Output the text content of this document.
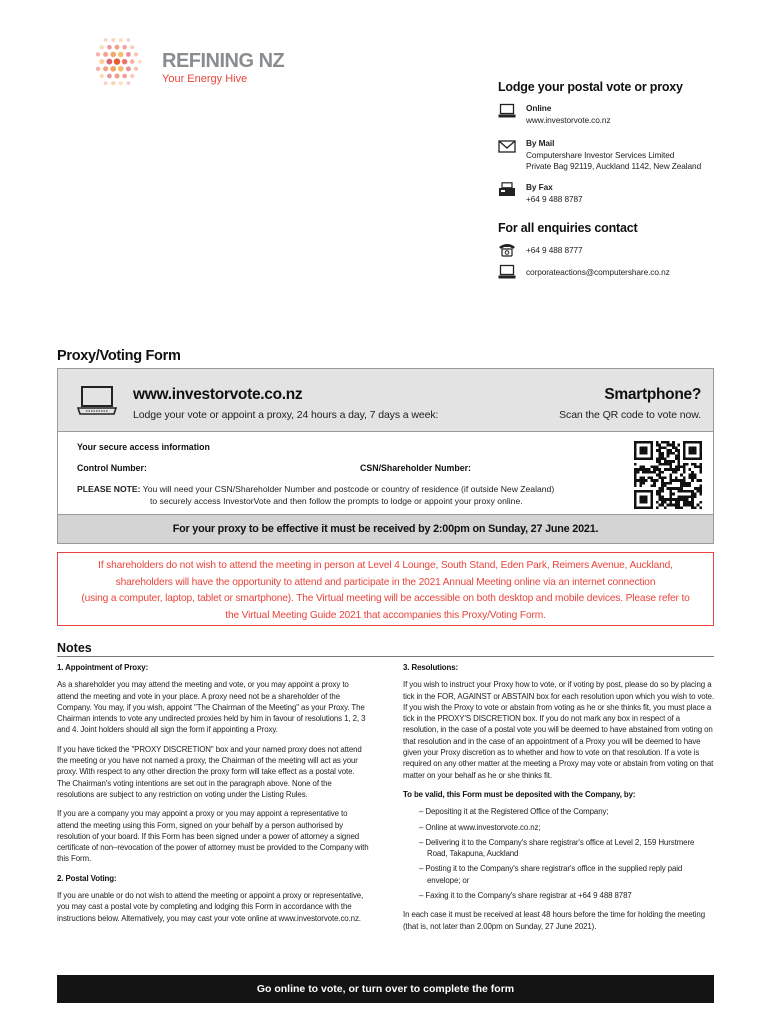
REFINING NZ
Your Energy Hive
Lodge your postal vote or proxy
Online
www.investorvote.co.nz
By Mail
Computershare Investor Services Limited
Private Bag 92119, Auckland 1142, New Zealand
By Fax
+64 9 488 8787
For all enquiries contact
+64 9 488 8777
corporateactions@computershare.co.nz
Proxy/Voting Form
www.investorvote.co.nz
Lodge your vote or appoint a proxy, 24 hours a day, 7 days a week:
Smartphone?
Scan the QR code to vote now.
Your secure access information
Control Number:	CSN/Shareholder Number:
PLEASE NOTE: You will need your CSN/Shareholder Number and postcode or country of residence (if outside New Zealand)
to securely access InvestorVote and then follow the prompts to lodge or appoint your proxy online.
For your proxy to be effective it must be received by 2:00pm on Sunday, 27 June 2021.
If shareholders do not wish to attend the meeting in person at Level 4 Lounge, South Stand, Eden Park, Reimers Avenue, Auckland,
shareholders will have the opportunity to attend and participate in the 2021 Annual Meeting online via an internet connection
(using a computer, laptop, tablet or smartphone). The Virtual meeting will be accessible on both desktop and mobile devices. Please refer to
the Virtual Meeting Guide 2021 that accompanies this Proxy/Voting Form.
Notes
1. Appointment of Proxy:

As a shareholder you may attend the meeting and vote, or you may appoint a proxy to attend the meeting and vote in your place. A proxy need not be a shareholder of the Company. You may, if you wish, appoint "The Chairman of the Meeting" as your Proxy. The Chairman intends to vote any undirected proxies held by him in favour of resolutions 1, 2, 3 and 4. Joint holders should all sign the form if appointing a Proxy.

If you have ticked the "PROXY DISCRETION" box and your named proxy does not attend the meeting or you have not named a proxy, the Chairman of the meeting will act as your proxy. With respect to any other direction the proxy form will take effect as a postal vote. The Chairman's voting intentions are set out in the paragraph above. None of the resolutions are subject to any restriction on voting under the Listing Rules.

If you are a company you may appoint a proxy or you may appoint a representative to attend the meeting using this Form, signed on your behalf by a person authorised by resolution of your board. If this Form has been signed under a power of attorney a signed certificate of non–revocation of the power of attorney must be provided to the Company with this Form.

2. Postal Voting:

If you are unable or do not wish to attend the meeting or appoint a proxy or representative, you may cast a postal vote by completing and lodging this Form in accordance with the instructions below. Alternatively, you may cast your vote online at www.investorvote.co.nz.

3. Resolutions:

If you wish to instruct your Proxy how to vote, or if voting by post, please do so by placing a tick in the FOR, AGAINST or ABSTAIN box for each resolution upon which you wish to vote. If you wish the Proxy to vote or abstain from voting as he or she thinks fit, you must place a tick in the PROXY'S DISCRETION box. If you do not mark any box in respect of a resolution, in the case of a postal vote you will be deemed to have abstained from voting on that resolution and in the case of an appointment of a Proxy you will be deemed to have given your Proxy discretion as to whether and how to vote on that resolution. If a vote is required on any other matter at the meeting a Proxy may vote or abstain from voting on that matter on your behalf as he or she thinks fit.

To be valid, this Form must be deposited with the Company, by:
– Depositing it at the Registered Office of the Company;
– Online at www.investorvote.co.nz;
– Delivering it to the Company's share registrar's office at Level 2, 159 Hurstmere Road, Takapuna, Auckland
– Posting it to the Company's share registrar's office in the supplied reply paid envelope; or
– Faxing it to the Company's share registrar at +64 9 488 8787

In each case it must be received at least 48 hours before the time for holding the meeting (that is, not later than 2.00pm on Sunday, 27 June 2021).

Go online to vote, or turn over to complete the form
